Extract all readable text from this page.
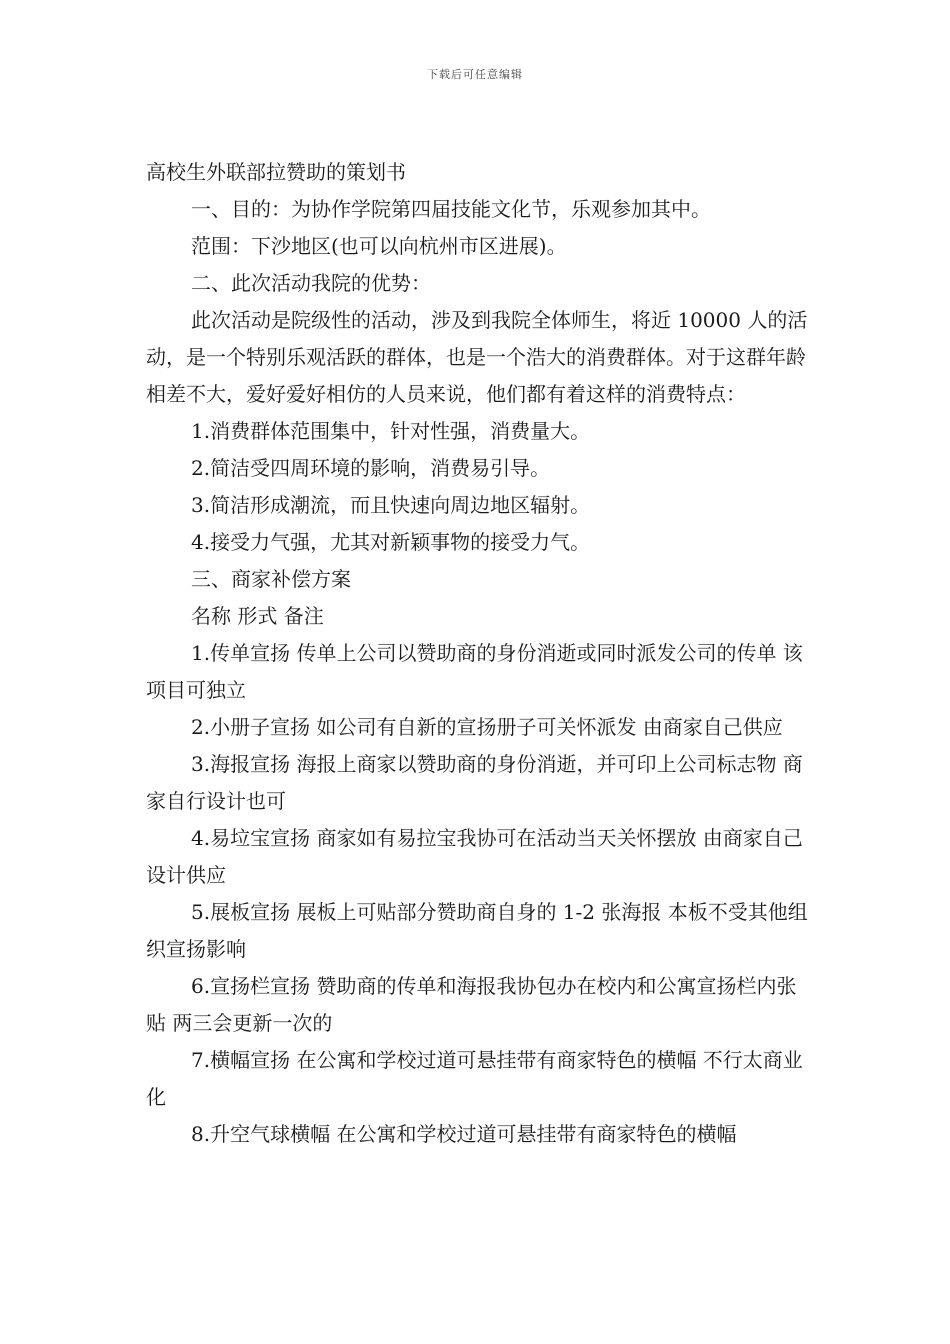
下载后可任意编辑

高校生外联部拉赞助的策划书

一、目的：为协作学院第四届技能文化节，乐观参加其中。

范围：下沙地区(也可以向杭州市区进展)。

二、此次活动我院的优势：

此次活动是院级性的活动，涉及到我院全体师生，将近 10000 人的活动，是一个特别乐观活跃的群体，也是一个浩大的消费群体。对于这群年龄相差不大，爱好爱好相仿的人员来说，他们都有着这样的消费特点：

1.消费群体范围集中，针对性强，消费量大。

2.简洁受四周环境的影响，消费易引导。

3.简洁形成潮流，而且快速向周边地区辐射。

4.接受力气强，尤其对新颖事物的接受力气。

三、商家补偿方案

名称 形式 备注

1.传单宣扬 传单上公司以赞助商的身份消逝或同时派发公司的传单 该项目可独立

2.小册子宣扬 如公司有自新的宣扬册子可关怀派发 由商家自己供应

3.海报宣扬 海报上商家以赞助商的身份消逝，并可印上公司标志物 商家自行设计也可

4.易垃宝宣扬 商家如有易拉宝我协可在活动当天关怀摆放 由商家自己设计供应

5.展板宣扬 展板上可贴部分赞助商自身的 1-2 张海报 本板不受其他组织宣扬影响

6.宣扬栏宣扬 赞助商的传单和海报我协包办在校内和公寓宣扬栏内张贴 两三会更新一次的

7.横幅宣扬 在公寓和学校过道可悬挂带有商家特色的横幅 不行太商业化

8.升空气球横幅 在公寓和学校过道可悬挂带有商家特色的横幅
